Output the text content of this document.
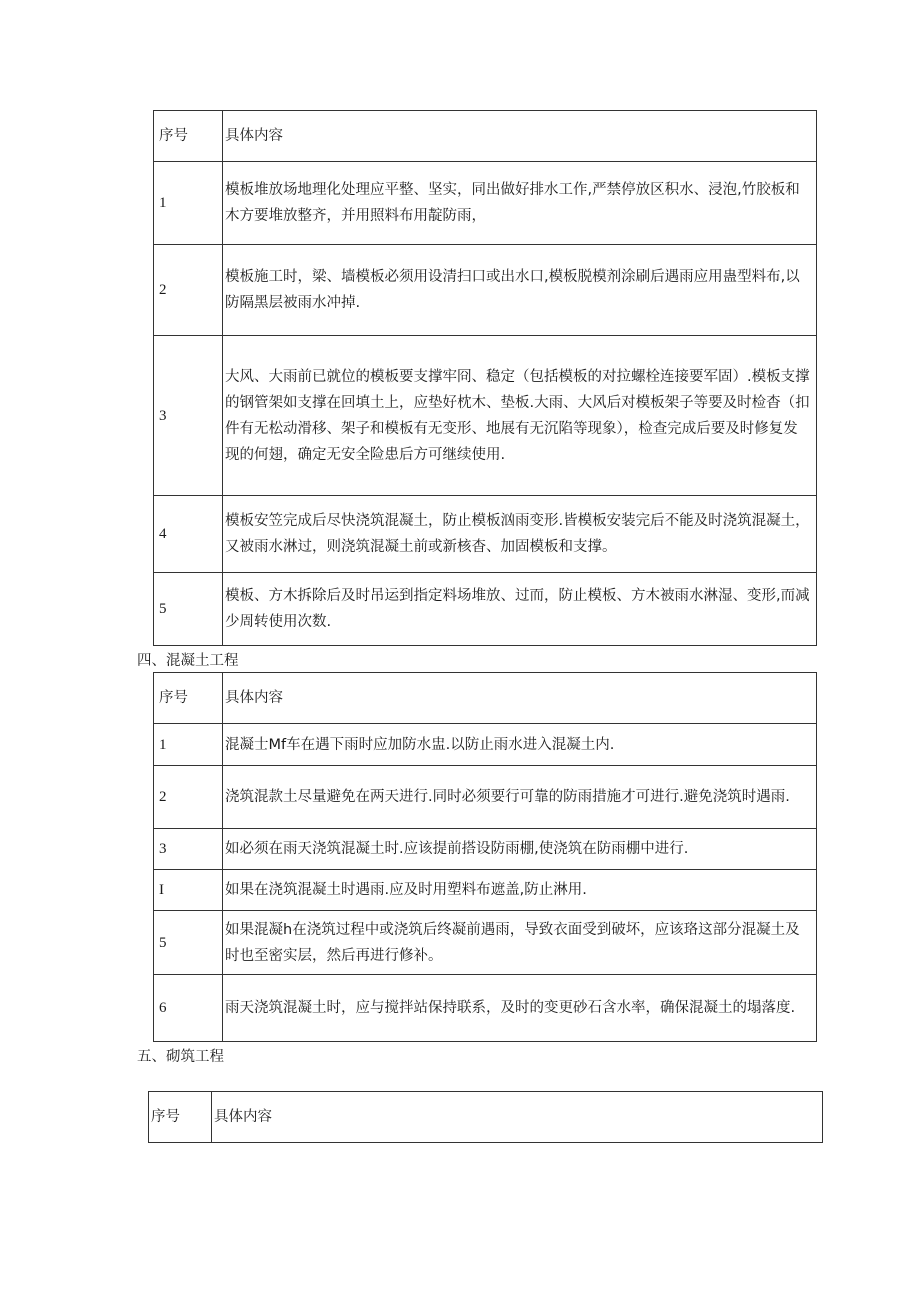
序号	具体内容
1	模板堆放场地理化处理应平整、坚实，同出做好排水工作,严禁停放区积水、浸泡,竹胶板和木方要堆放整齐，并用照料布用靛防雨，
2	模板施工时，梁、墙模板必须用设清扫口或出水口,模板脱模剂涂刷后遇雨应用蛊型料布,以防隔黑层被雨水冲掉.
3	大风、大雨前已就位的模板要支撑牢冏、稳定（包括模板的对拉螺栓连接要军固）.模板支撑的钢管架如支撑在回填土上，应垫好枕木、垫板.大雨、大风后对模板架子等要及时检杳（扣件有无松动滑移、架子和模板有无变形、地展有无沉陷等现象），检查完成后要及时修复发现的何翅，确定无安全险患后方可继续使用.
4	模板安笠完成后尽快浇筑混凝土，防止模板汹雨变形.皆模板安装完后不能及时浇筑混凝土，又被雨水淋过，则浇筑混凝土前或新核杳、加固模板和支撑。
5	模板、方木拆除后及时吊运到指定料场堆放、过而，防止模板、方木被雨水淋湿、变形,而减少周转使用次数.
四、混凝土工程
序号	具体内容
1	混凝士Mf车在遇下雨时应加防水盅.以防止雨水进入混凝土内.
2	浇筑混款土尽量避免在两天进行.同时必须要行可靠的防雨措施才可进行.避免浇筑时遇雨.
3	如必须在雨天浇筑混凝土时.应该提前搭设防雨棚,使浇筑在防雨棚中进行.
I	如果在浇筑混凝土时遇雨.应及时用塑料布遮盖,防止淋用.
5	如果混凝h在浇筑过程中或浇筑后终凝前遇雨，导致衣面受到破坏，应该珞这部分混凝土及时也至密实层，然后再进行修补。
6	雨天浇筑混凝土时，应与搅拌站保持联系，及时的变更砂石含水率，确保混凝土的塌落度.
五、砌筑工程
序号	具体内容
